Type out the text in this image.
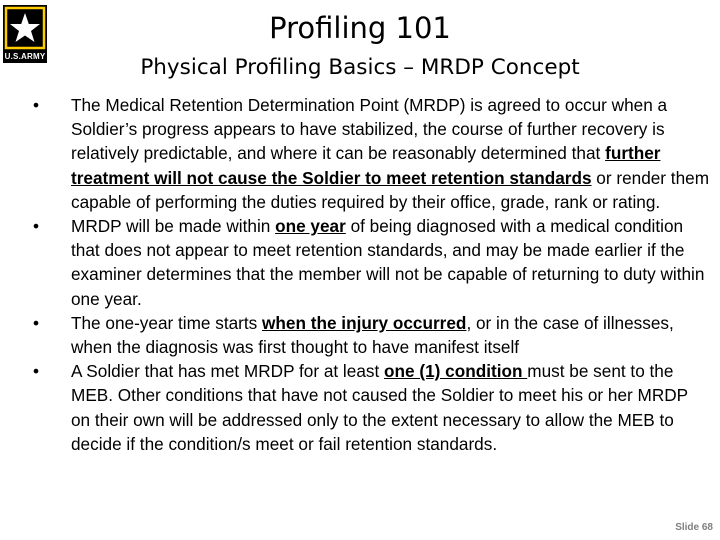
U.S.ARMY
Profiling 101
Physical Profiling Basics – MRDP Concept
• The Medical Retention Determination Point (MRDP) is agreed to occur when a Soldier’s progress appears to have stabilized, the course of further recovery is relatively predictable, and where it can be reasonably determined that further treatment will not cause the Soldier to meet retention standards or render them capable of performing the duties required by their office, grade, rank or rating.
• MRDP will be made within one year of being diagnosed with a medical condition that does not appear to meet retention standards, and may be made earlier if the examiner determines that the member will not be capable of returning to duty within one year.
• The one-year time starts when the injury occurred, or in the case of illnesses, when the diagnosis was first thought to have manifest itself
• A Soldier that has met MRDP for at least one (1) condition must be sent to the MEB. Other conditions that have not caused the Soldier to meet his or her MRDP on their own will be addressed only to the extent necessary to allow the MEB to decide if the condition/s meet or fail retention standards.
Slide 68
